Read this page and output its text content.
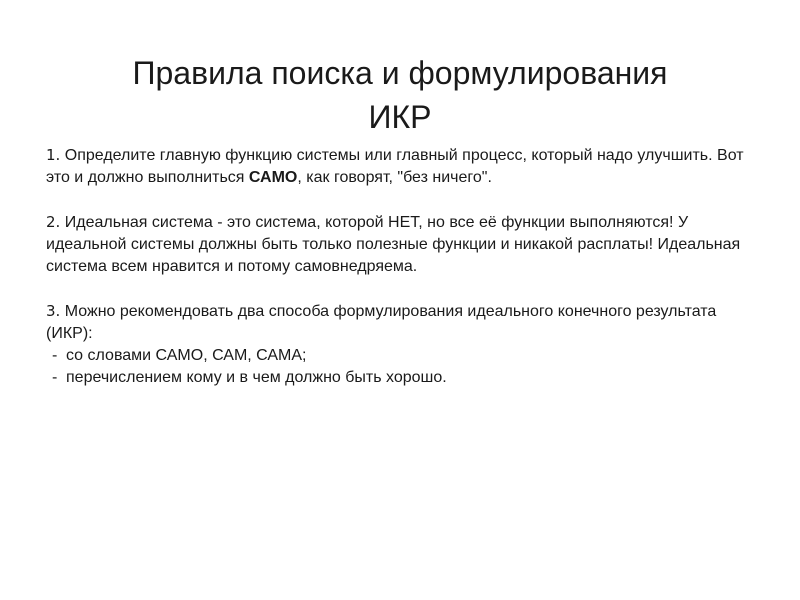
Правила поиска и формулирования
ИКР

1. Определите главную функцию системы или главный процесс, который надо улучшить. Вот это и должно выполниться САМО, как говорят, "без ничего".

2. Идеальная система - это система, которой НЕТ, но все её функции выполняются! У идеальной системы должны быть только полезные функции и никакой расплаты! Идеальная система всем нравится и потому самовнедряема.

3. Можно рекомендовать два способа формулирования идеального конечного результата (ИКР):
- со словами САМО, САМ, САМА;
- перечислением кому и в чем должно быть хорошо.
